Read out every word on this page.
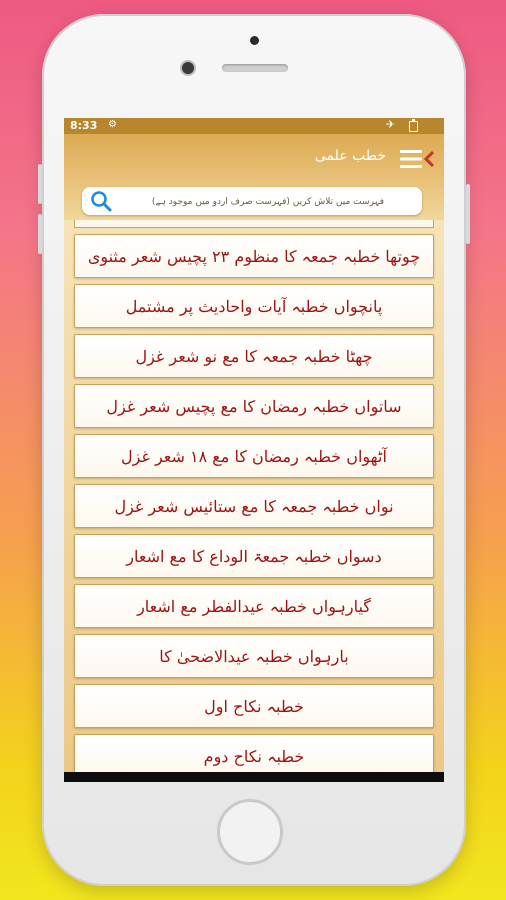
8:33 ⚙	✈
خطب علمی
فہرست میں تلاش کریں (فہرست صرف اردو میں موجود ہے)
چوتھا خطبہ جمعہ کا منظوم ۲۳ پچیس شعر مثنوی
پانچواں خطبہ آیات واحادیث پر مشتمل
چھٹا خطبہ جمعہ کا مع نو شعر غزل
ساتواں خطبہ رمضان کا مع پچیس شعر غزل
آٹھواں خطبہ رمضان کا مع ۱۸ شعر غزل
نواں خطبہ جمعہ کا مع ستائیس شعر غزل
دسواں خطبہ جمعۃ الوداع کا مع اشعار
گیارہواں خطبہ عیدالفطر مع اشعار
بارہواں خطبہ عیدالاضحیٰ کا
خطبہ نکاح اول
خطبہ نکاح دوم
